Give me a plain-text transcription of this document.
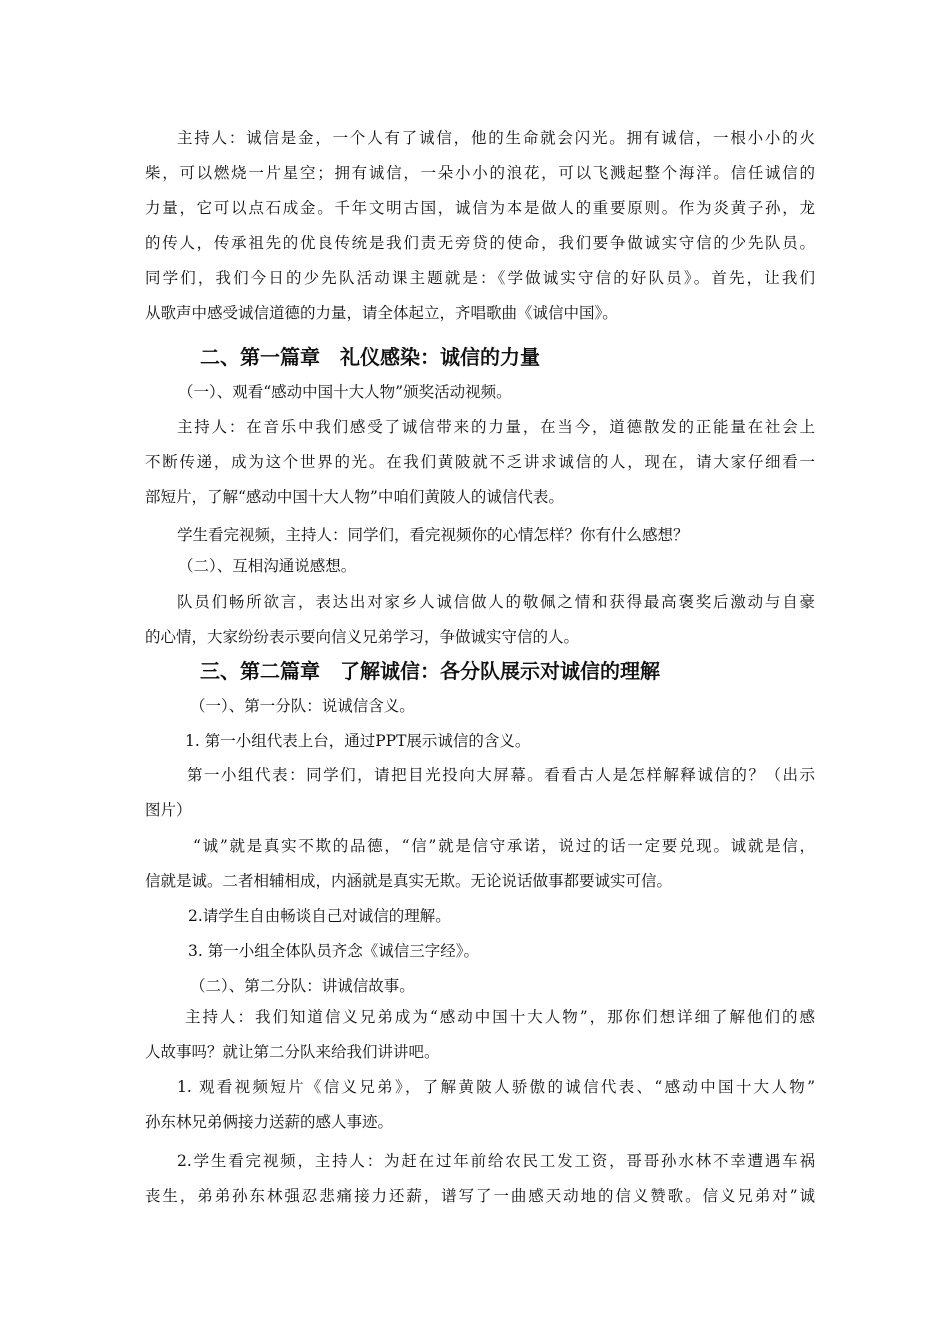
主持人：诚信是金，一个人有了诚信，他的生命就会闪光。拥有诚信，一根小小的火
柴，可以燃烧一片星空；拥有诚信，一朵小小的浪花，可以飞溅起整个海洋。信任诚信的
力量，它可以点石成金。千年文明古国，诚信为本是做人的重要原则。作为炎黄子孙，龙
的传人，传承祖先的优良传统是我们责无旁贷的使命，我们要争做诚实守信的少先队员。
同学们，我们今日的少先队活动课主题就是：《学做诚实守信的好队员》。首先，让我们
从歌声中感受诚信道德的力量，请全体起立，齐唱歌曲《诚信中国》。
二、第一篇章　礼仪感染：诚信的力量
（一）、观看“感动中国十大人物”颁奖活动视频。
主持人：在音乐中我们感受了诚信带来的力量，在当今，道德散发的正能量在社会上
不断传递，成为这个世界的光。在我们黄陂就不乏讲求诚信的人，现在，请大家仔细看一
部短片，了解“感动中国十大人物”中咱们黄陂人的诚信代表。
学生看完视频，主持人：同学们，看完视频你的心情怎样？你有什么感想？
（二）、互相沟通说感想。
队员们畅所欲言，表达出对家乡人诚信做人的敬佩之情和获得最高褒奖后激动与自豪
的心情，大家纷纷表示要向信义兄弟学习，争做诚实守信的人。
三、第二篇章　了解诚信：各分队展示对诚信的理解
（一）、第一分队：说诚信含义。
1. 第一小组代表上台，通过PPT展示诚信的含义。
第一小组代表：同学们，请把目光投向大屏幕。看看古人是怎样解释诚信的？（出示
图片）
“诚”就是真实不欺的品德，“信”就是信守承诺，说过的话一定要兑现。诚就是信，
信就是诚。二者相辅相成，内涵就是真实无欺。无论说话做事都要诚实可信。
2.请学生自由畅谈自己对诚信的理解。
3. 第一小组全体队员齐念《诚信三字经》。
（二）、第二分队：讲诚信故事。
主持人：我们知道信义兄弟成为“感动中国十大人物”，那你们想详细了解他们的感
人故事吗？就让第二分队来给我们讲讲吧。
1. 观看视频短片《信义兄弟》，了解黄陂人骄傲的诚信代表、“感动中国十大人物”
孙东林兄弟俩接力送薪的感人事迹。
2.学生看完视频，主持人：为赶在过年前给农民工发工资，哥哥孙水林不幸遭遇车祸
丧生，弟弟孙东林强忍悲痛接力还薪，谱写了一曲感天动地的信义赞歌。信义兄弟对”诚
